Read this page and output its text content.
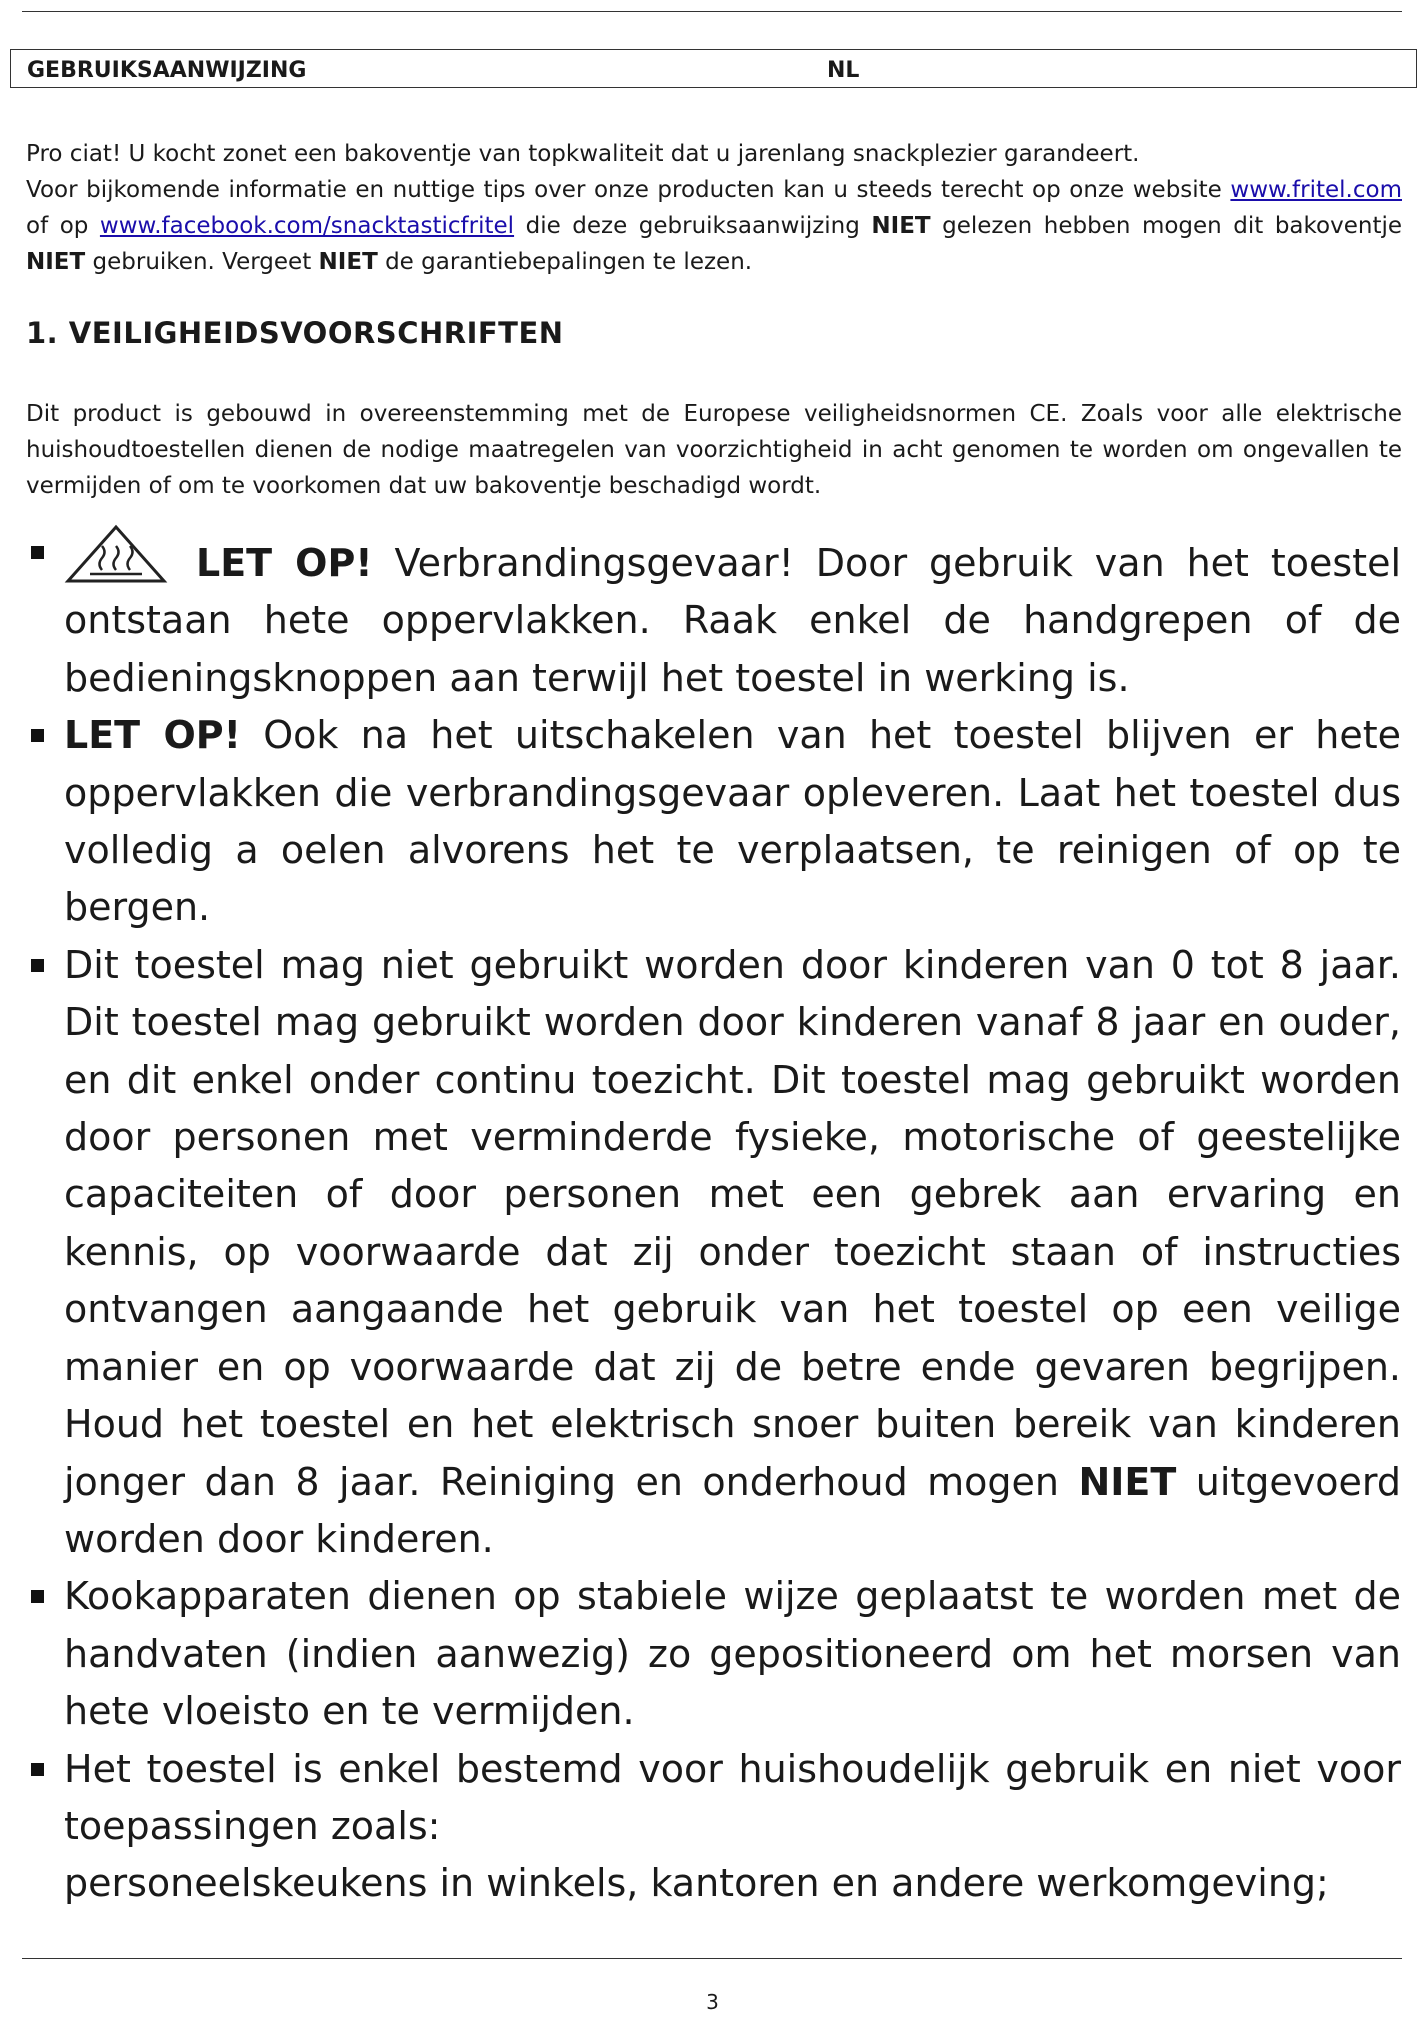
GEBRUIKSAANWIJZING	NL

Pro ciat! U kocht zonet een bakoventje van topkwaliteit dat u jarenlang snackplezier garandeert.

Voor bijkomende informatie en nuttige tips over onze producten kan u steeds terecht op onze website www.fritel.com of op www.facebook.com/snacktasticfritel die deze gebruiksaanwijzing NIET gelezen hebben mogen dit bakoventje NIET gebruiken. Vergeet NIET de garantiebepalingen te lezen.

1. VEILIGHEIDSVOORSCHRIFTEN

Dit product is gebouwd in overeenstemming met de Europese veiligheidsnormen CE. Zoals voor alle elektrische huishoudtoestellen dienen de nodige maatregelen van voorzichtigheid in acht genomen te worden om ongevallen te vermijden of om te voorkomen dat uw bakoventje beschadigd wordt.

LET OP! Verbrandingsgevaar! Door gebruik van het toestel ontstaan hete oppervlakken. Raak enkel de handgrepen of de bedieningsknoppen aan terwijl het toestel in werking is.

LET OP! Ook na het uitschakelen van het toestel blijven er hete oppervlakken die verbrandingsgevaar opleveren. Laat het toestel dus volledig a oelen alvorens het te verplaatsen, te reinigen of op te bergen.

Dit toestel mag niet gebruikt worden door kinderen van 0 tot 8 jaar. Dit toestel mag gebruikt worden door kinderen vanaf 8 jaar en ouder, en dit enkel onder continu toezicht. Dit toestel mag gebruikt worden door personen met verminderde fysieke, motorische of geestelijke capaciteiten of door personen met een gebrek aan ervaring en kennis, op voorwaarde dat zij onder toezicht staan of instructies ontvangen aangaande het gebruik van het toestel op een veilige manier en op voorwaarde dat zij de betre ende gevaren begrijpen. Houd het toestel en het elektrisch snoer buiten bereik van kinderen jonger dan 8 jaar. Reiniging en onderhoud mogen NIET uitgevoerd worden door kinderen.

Kookapparaten dienen op stabiele wijze geplaatst te worden met de handvaten (indien aanwezig) zo gepositioneerd om het morsen van hete vloeisto en te vermijden.

Het toestel is enkel bestemd voor huishoudelijk gebruik en niet voor toepassingen zoals:
personeelskeukens in winkels, kantoren en andere werkomgeving;

3
